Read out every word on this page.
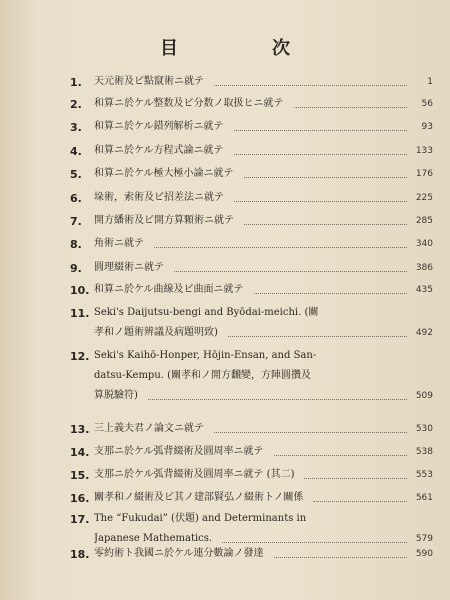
目　次
1.	天元術及ビ點竄術ニ就テ	1
2.	和算ニ於ケル整数及ビ分数ノ取扱ヒニ就テ	56
3.	和算ニ於ケル錯列解析ニ就テ	93
4.	和算ニ於ケル方程式論ニ就テ	133
5.	和算ニ於ケル極大極小論ニ就テ	176
6.	垛術，索術及ビ招差法ニ就テ	225
7.	開方繙術及ビ開方算顆術ニ就テ	285
8.	角術ニ就テ	340
9.	圓理綴術ニ就テ	386
10. 和算ニ於ケル曲線及ビ曲面ニ就テ	435
11. Seki's Daijutsu-bengi and Byōdai-meichi. (關
孝和ノ題術辨議及病題明致)	492
12. Seki's Kaihō-Honper, Hōjin-Ensan, and San-
datsu-Kempu. (關孝和ノ開方飜變，方陣圓攢及
算脱驗符)	509
13. 三上義夫君ノ論文ニ就テ	530
14. 支那ニ於ケル弧背綴術及圓周率ニ就テ	538
15. 支那ニ於ケル弧背綴術及圓周率ニ就テ (其二)	553
16. 關孝和ノ綴術及ビ其ノ建部賢弘ノ綴術トノ關係	561
17. The “Fukudai” (伏題) and Determinants in
Japanese Mathematics.	579
18. 零約術ト我國ニ於ケル連分數論ノ發達	590
